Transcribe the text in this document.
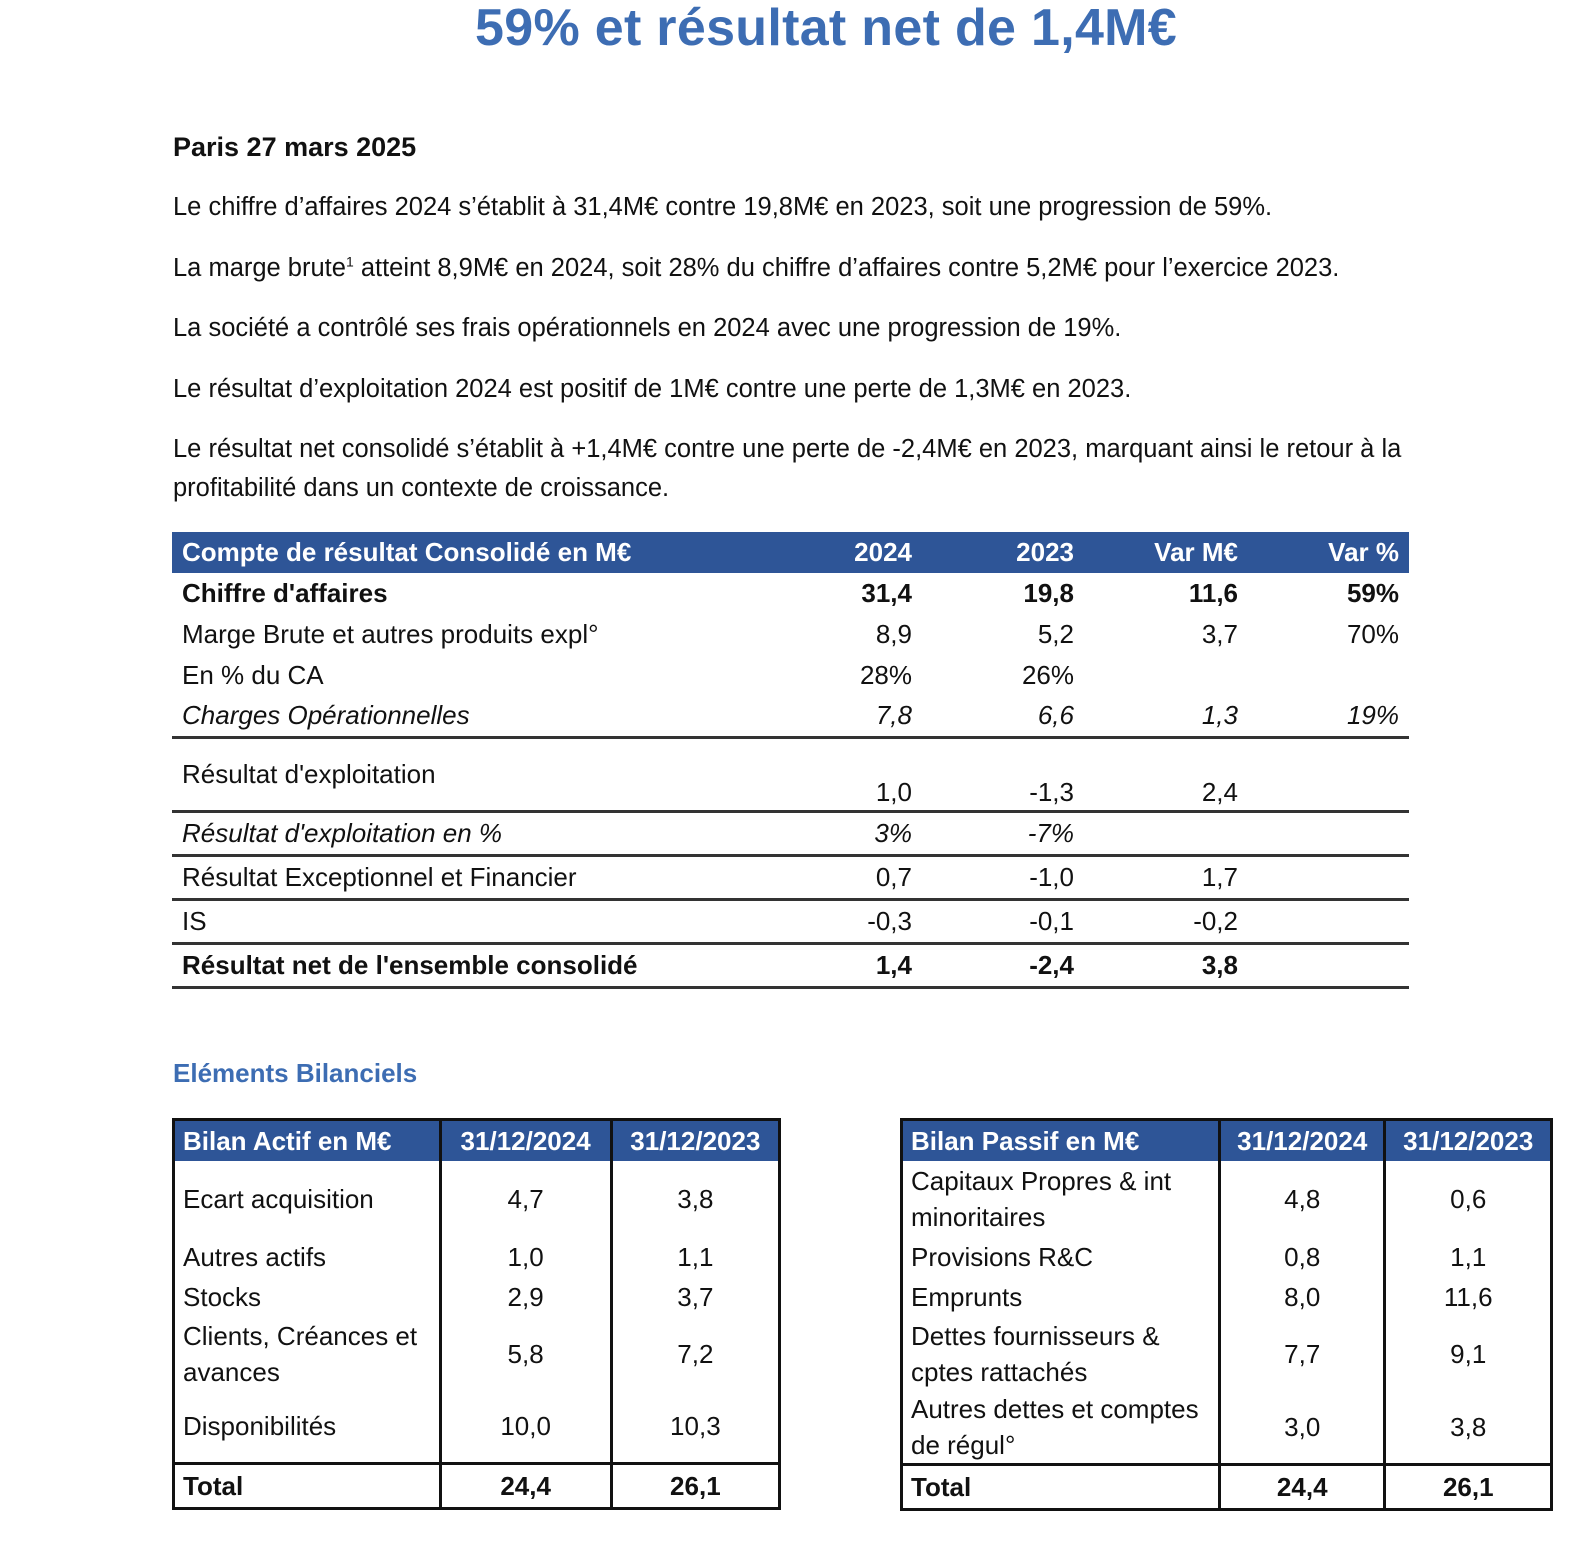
59% et résultat net de 1,4M€
Paris 27 mars 2025

Le chiffre d’affaires 2024 s’établit à 31,4M€ contre 19,8M€ en 2023, soit une progression de 59%.

La marge brute$^1$ atteint 8,9M€ en 2024, soit 28% du chiffre d’affaires contre 5,2M€ pour l’exercice 2023.

La société a contrôlé ses frais opérationnels en 2024 avec une progression de 19%.

Le résultat d’exploitation 2024 est positif de 1M€ contre une perte de 1,3M€ en 2023.

Le résultat net consolidé s’établit à +1,4M€ contre une perte de -2,4M€ en 2023, marquant ainsi le retour à la profitabilité dans un contexte de croissance.

Compte de résultat Consolidé en M€	2024	2023	Var M€	Var %
Chiffre d'affaires	31,4	19,8	11,6	59%
Marge Brute et autres produits expl°	8,9	5,2	3,7	70%
En % du CA	28%	26%		
Charges Opérationnelles	7,8	6,6	1,3	19%
Résultat d'exploitation	1,0	-1,3	2,4	
Résultat d'exploitation en %	3%	-7%		
Résultat Exceptionnel et Financier	0,7	-1,0	1,7	
IS	-0,3	-0,1	-0,2	
Résultat net de l'ensemble consolidé	1,4	-2,4	3,8	
Eléments Bilanciels
Bilan Actif en M€	31/12/2024	31/12/2023
Ecart acquisition	4,7	3,8
Autres actifs	1,0	1,1
Stocks	2,9	3,7
Clients, Créances et avances	5,8	7,2
Disponibilités	10,0	10,3
Total	24,4	26,1
Bilan Passif en M€	31/12/2024	31/12/2023
Capitaux Propres & int minoritaires	4,8	0,6
Provisions R&C	0,8	1,1
Emprunts	8,0	11,6
Dettes fournisseurs & cptes rattachés	7,7	9,1
Autres dettes et comptes de régul°	3,0	3,8
Total	24,4	26,1
